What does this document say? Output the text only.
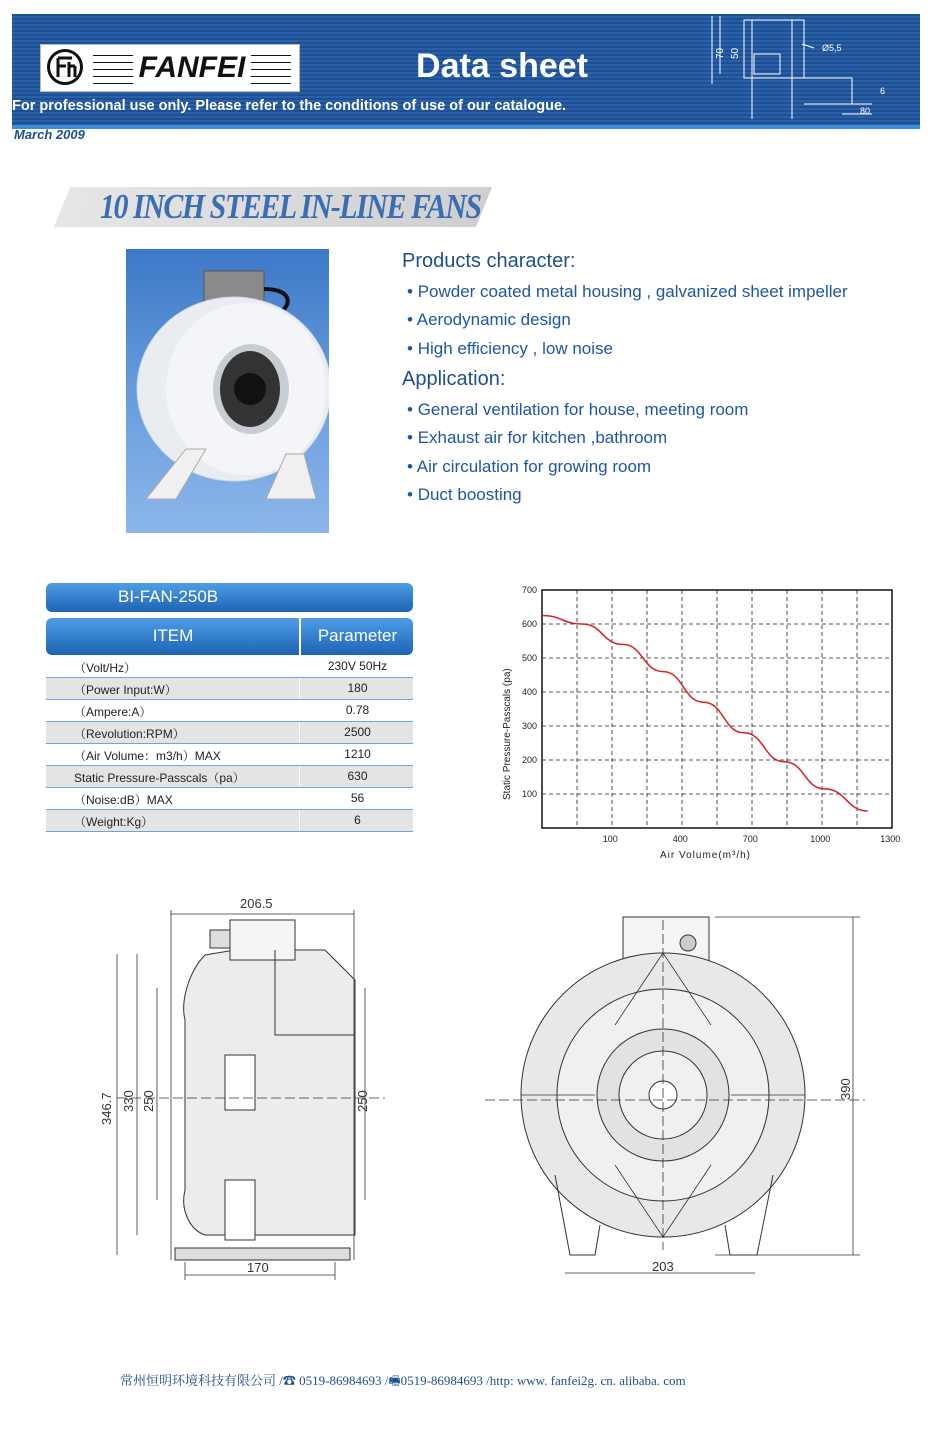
70 50	Ø5,5
80
6
FANFEI	Data sheet
For professional use only. Please refer to the conditions of use of our catalogue.
March 2009
10 INCH STEEL IN-LINE FANS
Products character:
• Powder coated metal housing , galvanized sheet impeller
• Aerodynamic design
• High efficiency , low noise
Application:
• General ventilation for house, meeting room
• Exhaust air for kitchen ,bathroom
• Air circulation for growing room
• Duct boosting
BI-FAN-250B
ITEM	Parameter
（Volt/Hz）	230V 50Hz
（Power Input:W）	180
（Ampere:A）	0.78
（Revolution:RPM）	2500
（Air Volume：m3/h）MAX	1210
Static Pressure-Passcals（pa）	630
（Noise:dB）MAX	56
（Weight:Kg）	6
100
200
300
400
500
600
700
100	400	700	1000	1300
Air Volume(m³/h)
Static Pressure-Passcals (pa)
206.5
346.7 330 250	250
170
390
203
常州恒明环境科技有限公司 /☎ 0519-86984693 /🖷0519-86984693 /http: www. fanfei2g. cn. alibaba. com
